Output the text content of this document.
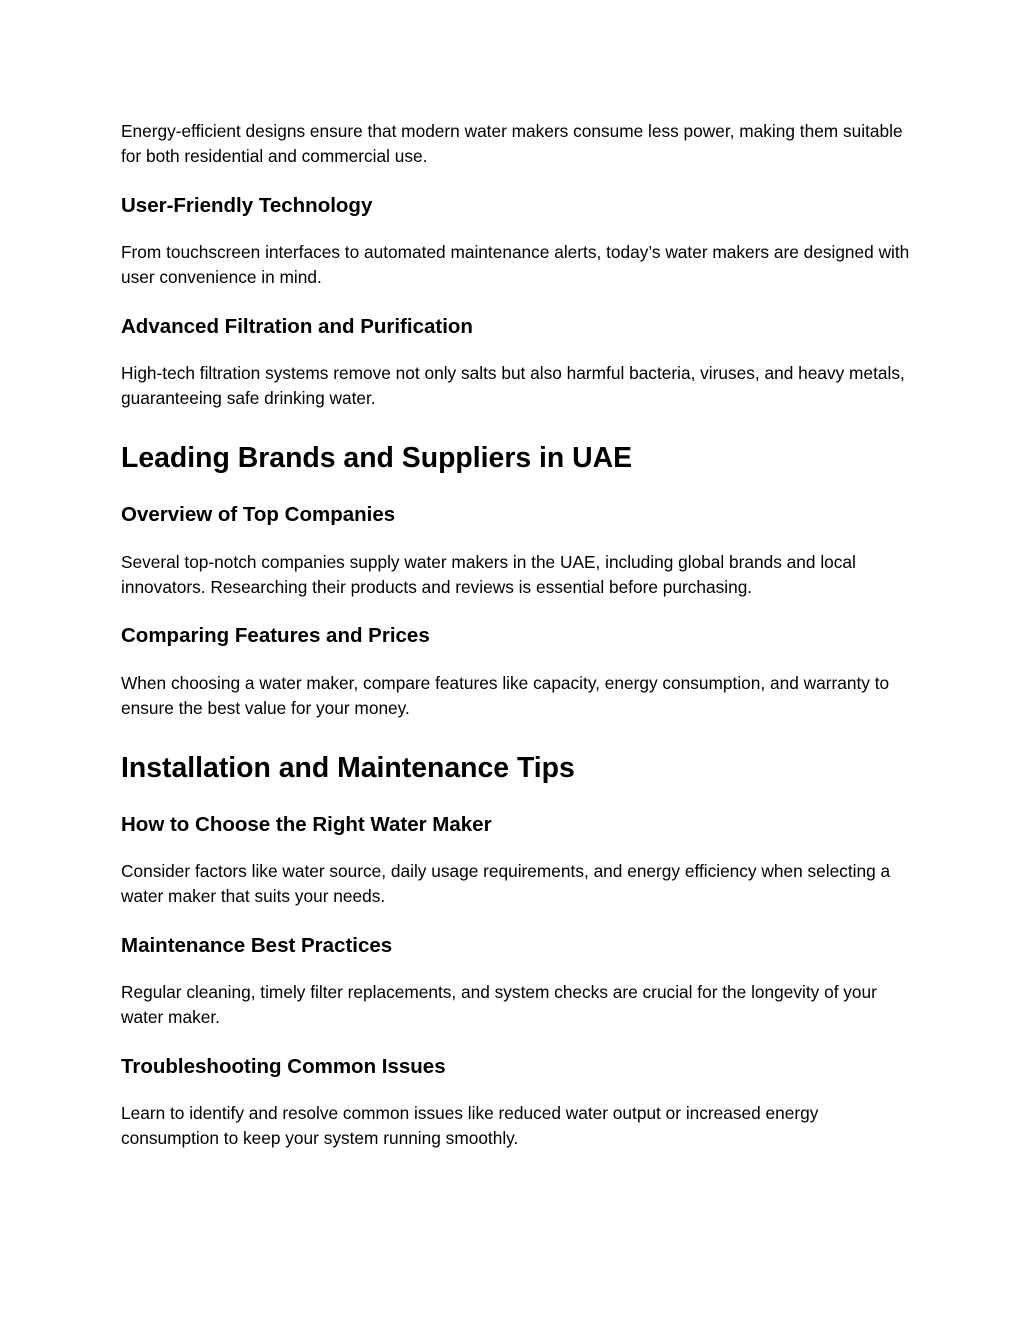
Energy-efficient designs ensure that modern water makers consume less power, making them suitable for both residential and commercial use.

User-Friendly Technology

From touchscreen interfaces to automated maintenance alerts, today’s water makers are designed with user convenience in mind.

Advanced Filtration and Purification

High-tech filtration systems remove not only salts but also harmful bacteria, viruses, and heavy metals, guaranteeing safe drinking water.

Leading Brands and Suppliers in UAE
Overview of Top Companies

Several top-notch companies supply water makers in the UAE, including global brands and local innovators. Researching their products and reviews is essential before purchasing.

Comparing Features and Prices

When choosing a water maker, compare features like capacity, energy consumption, and warranty to ensure the best value for your money.

Installation and Maintenance Tips
How to Choose the Right Water Maker

Consider factors like water source, daily usage requirements, and energy efficiency when selecting a water maker that suits your needs.

Maintenance Best Practices

Regular cleaning, timely filter replacements, and system checks are crucial for the longevity of your water maker.

Troubleshooting Common Issues

Learn to identify and resolve common issues like reduced water output or increased energy consumption to keep your system running smoothly.
